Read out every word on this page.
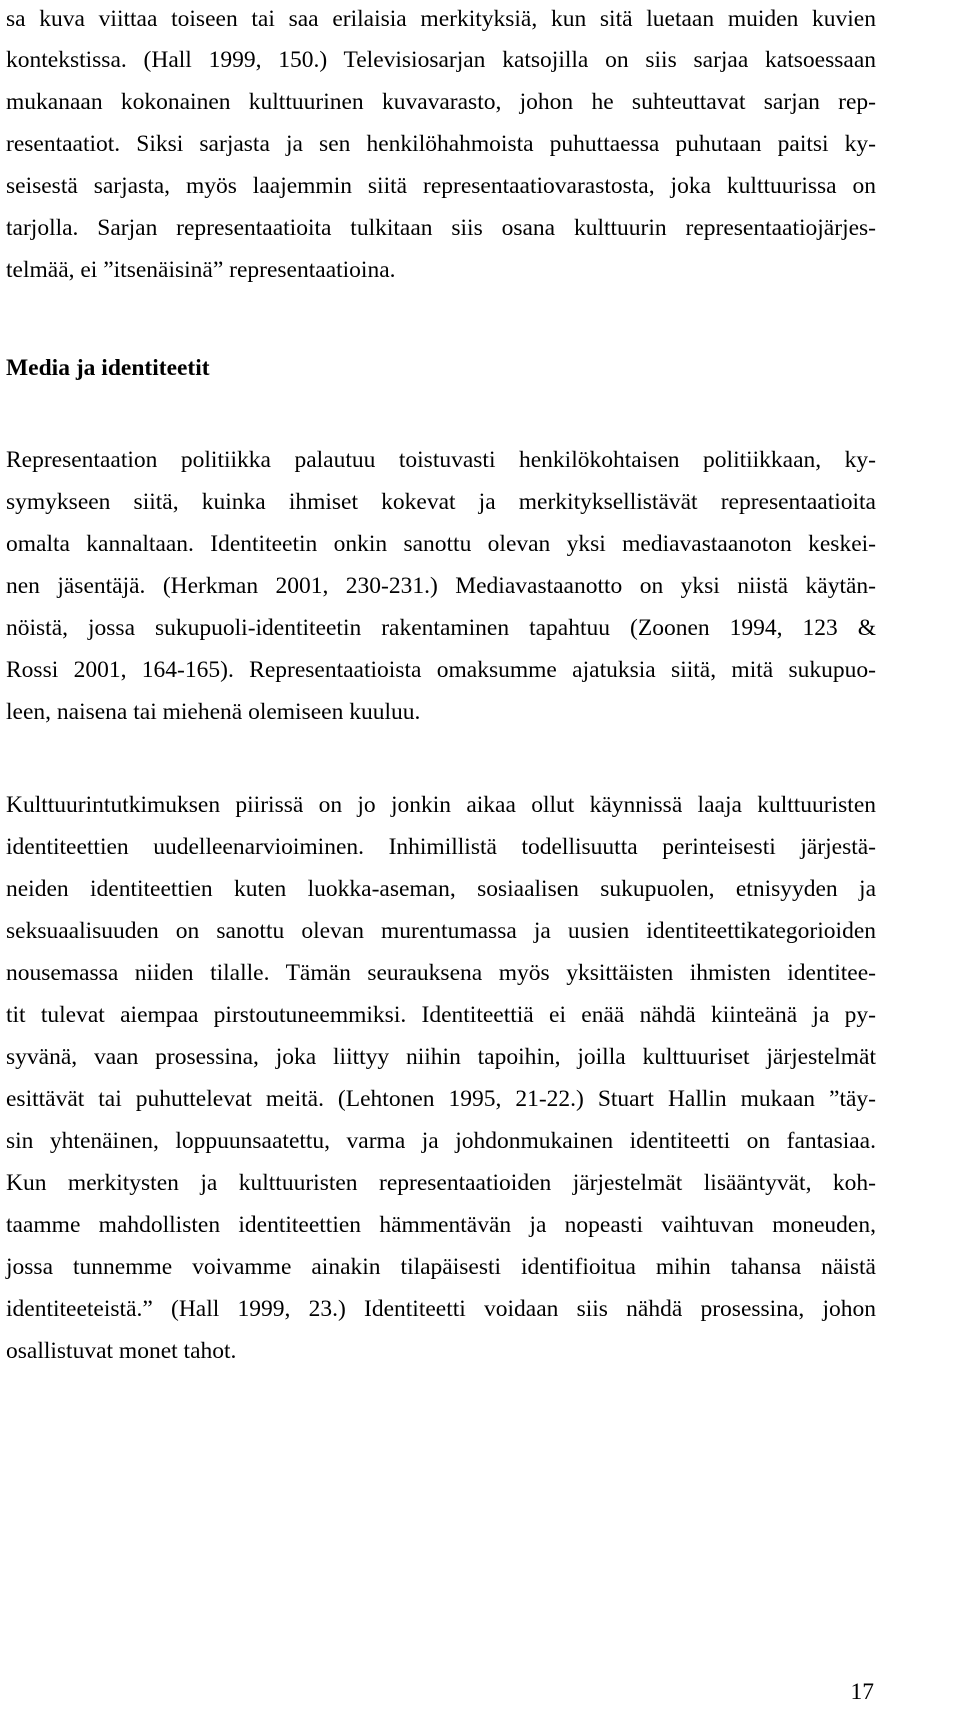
sa kuva viittaa toiseen tai saa erilaisia merkityksiä, kun sitä luetaan muiden kuvien
kontekstissa. (Hall 1999, 150.) Televisiosarjan katsojilla on siis sarjaa katsoessaan
mukanaan kokonainen kulttuurinen kuvavarasto, johon he suhteuttavat sarjan rep-
resentaatiot. Siksi sarjasta ja sen henkilöhahmoista puhuttaessa puhutaan paitsi ky-
seisestä sarjasta, myös laajemmin siitä representaatiovarastosta, joka kulttuurissa on
tarjolla. Sarjan representaatioita tulkitaan siis osana kulttuurin representaatiojärjes-
telmää, ei ”itsenäisinä” representaatioina.
Media ja identiteetit
Representaation politiikka palautuu toistuvasti henkilökohtaisen politiikkaan, ky-
symykseen siitä, kuinka ihmiset kokevat ja merkityksellistävät representaatioita
omalta kannaltaan. Identiteetin onkin sanottu olevan yksi mediavastaanoton keskei-
nen jäsentäjä. (Herkman 2001, 230-231.) Mediavastaanotto on yksi niistä käytän-
nöistä, jossa sukupuoli-identiteetin rakentaminen tapahtuu (Zoonen 1994, 123 &
Rossi 2001, 164-165). Representaatioista omaksumme ajatuksia siitä, mitä sukupuo-
leen, naisena tai miehenä olemiseen kuuluu.
Kulttuurintutkimuksen piirissä on jo jonkin aikaa ollut käynnissä laaja kulttuuristen
identiteettien uudelleenarvioiminen. Inhimillistä todellisuutta perinteisesti järjestä-
neiden identiteettien kuten luokka-aseman, sosiaalisen sukupuolen, etnisyyden ja
seksuaalisuuden on sanottu olevan murentumassa ja uusien identiteettikategorioiden
nousemassa niiden tilalle. Tämän seurauksena myös yksittäisten ihmisten identitee-
tit tulevat aiempaa pirstoutuneemmiksi. Identiteettiä ei enää nähdä kiinteänä ja py-
syvänä, vaan prosessina, joka liittyy niihin tapoihin, joilla kulttuuriset järjestelmät
esittävät tai puhuttelevat meitä. (Lehtonen 1995, 21-22.) Stuart Hallin mukaan ”täy-
sin yhtenäinen, loppuunsaatettu, varma ja johdonmukainen identiteetti on fantasiaa.
Kun merkitysten ja kulttuuristen representaatioiden järjestelmät lisääntyvät, koh-
taamme mahdollisten identiteettien hämmentävän ja nopeasti vaihtuvan moneuden,
jossa tunnemme voivamme ainakin tilapäisesti identifioitua mihin tahansa näistä
identiteeteistä.” (Hall 1999, 23.) Identiteetti voidaan siis nähdä prosessina, johon
osallistuvat monet tahot.
17
